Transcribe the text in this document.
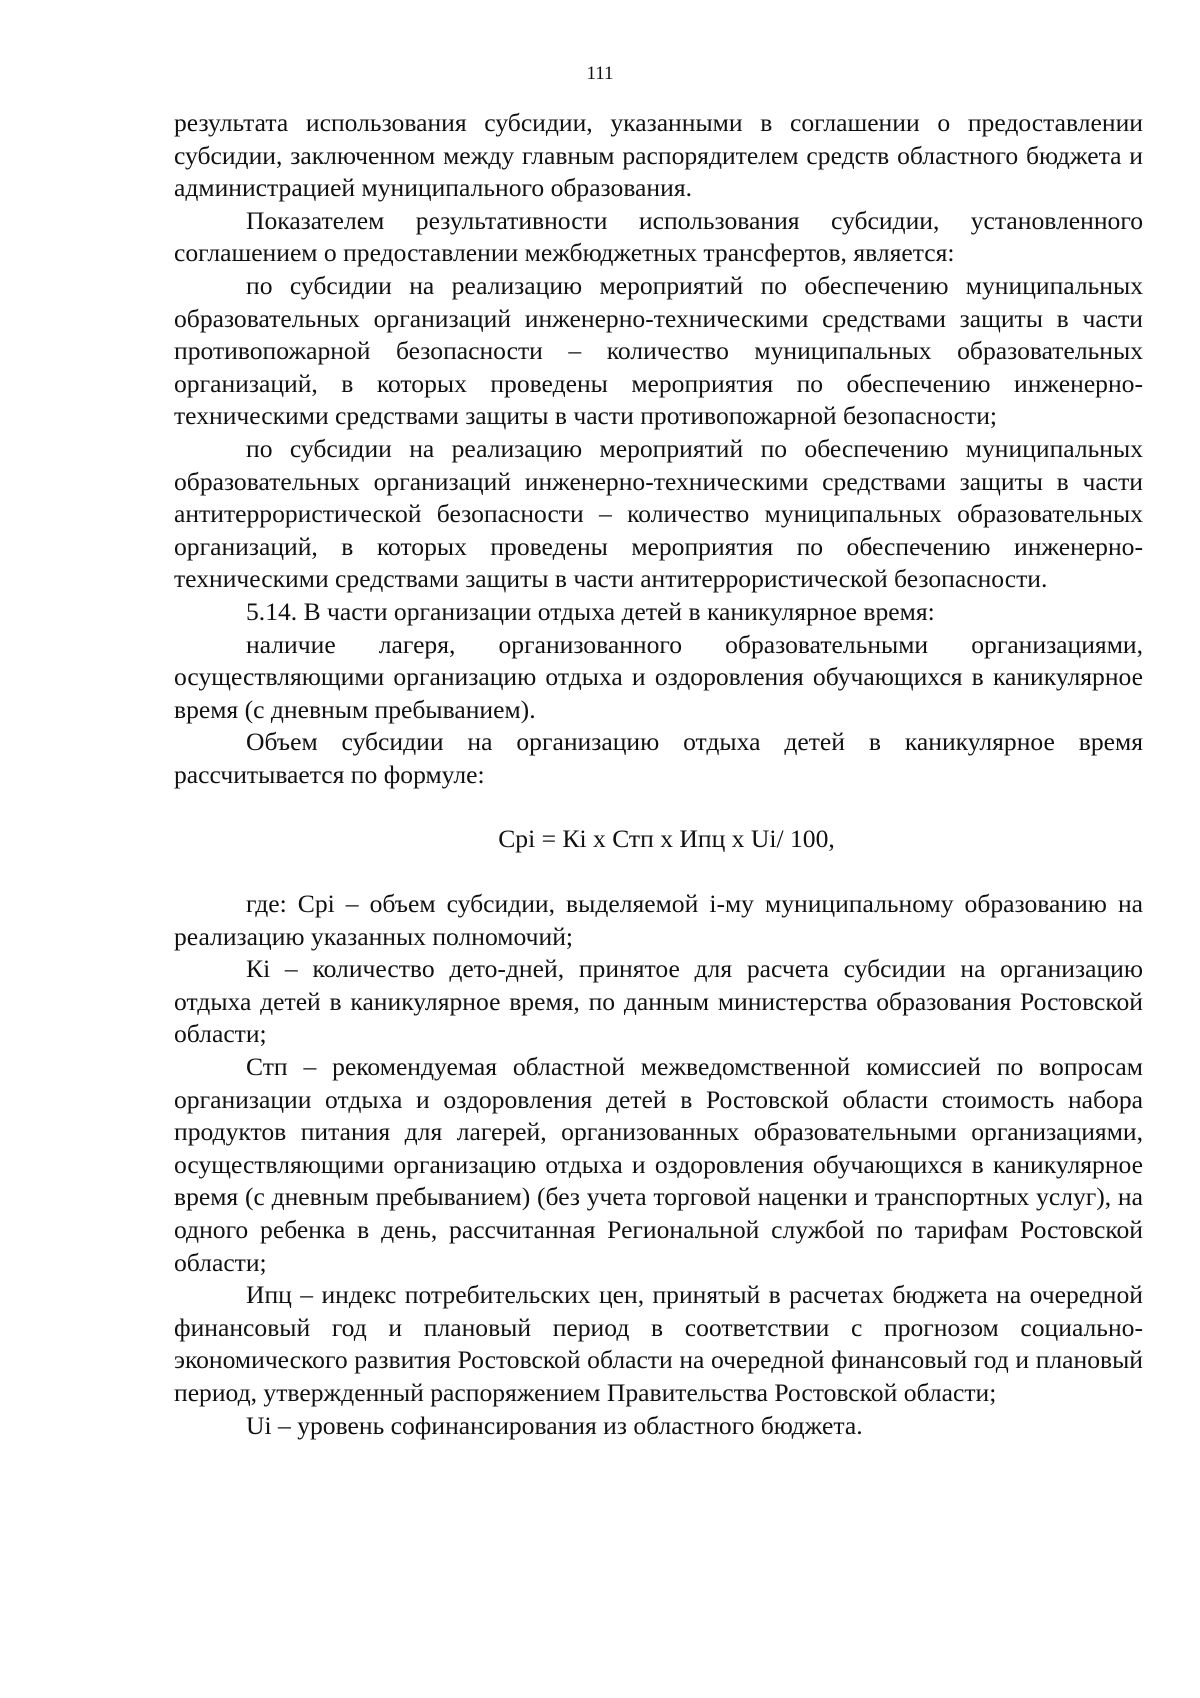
111

результата использования субсидии, указанными в соглашении о предоставлении субсидии, заключенном между главным распорядителем средств областного бюджета и администрацией муниципального образования.

Показателем результативности использования субсидии, установленного соглашением о предоставлении межбюджетных трансфертов, является:

по субсидии на реализацию мероприятий по обеспечению муниципальных образовательных организаций инженерно-техническими средствами защиты в части противопожарной безопасности – количество муниципальных образовательных организаций, в которых проведены мероприятия по обеспечению инженерно-техническими средствами защиты в части противопожарной безопасности;

по субсидии на реализацию мероприятий по обеспечению муниципальных образовательных организаций инженерно-техническими средствами защиты в части антитеррористической безопасности – количество муниципальных образовательных организаций, в которых проведены мероприятия по обеспечению инженерно-техническими средствами защиты в части антитеррористической безопасности.

5.14. В части организации отдыха детей в каникулярное время:

наличие лагеря, организованного образовательными организациями, осуществляющими организацию отдыха и оздоровления обучающихся в каникулярное время (с дневным пребыванием).

Объем субсидии на организацию отдыха детей в каникулярное время рассчитывается по формуле:

Срі = Кі х Стп х Ипц х Ui/ 100,

где: Срі – объем субсидии, выделяемой і-му муниципальному образованию на реализацию указанных полномочий;

Кі – количество дето-дней, принятое для расчета субсидии на организацию отдыха детей в каникулярное время, по данным министерства образования Ростовской области;

Стп – рекомендуемая областной межведомственной комиссией по вопросам организации отдыха и оздоровления детей в Ростовской области стоимость набора продуктов питания для лагерей, организованных образовательными организациями, осуществляющими организацию отдыха и оздоровления обучающихся в каникулярное время (с дневным пребыванием) (без учета торговой наценки и транспортных услуг), на одного ребенка в день, рассчитанная Региональной службой по тарифам Ростовской области;

Ипц – индекс потребительских цен, принятый в расчетах бюджета на очередной финансовый год и плановый период в соответствии с прогнозом социально-экономического развития Ростовской области на очередной финансовый год и плановый период, утвержденный распоряжением Правительства Ростовской области;

Ui – уровень софинансирования из областного бюджета.
